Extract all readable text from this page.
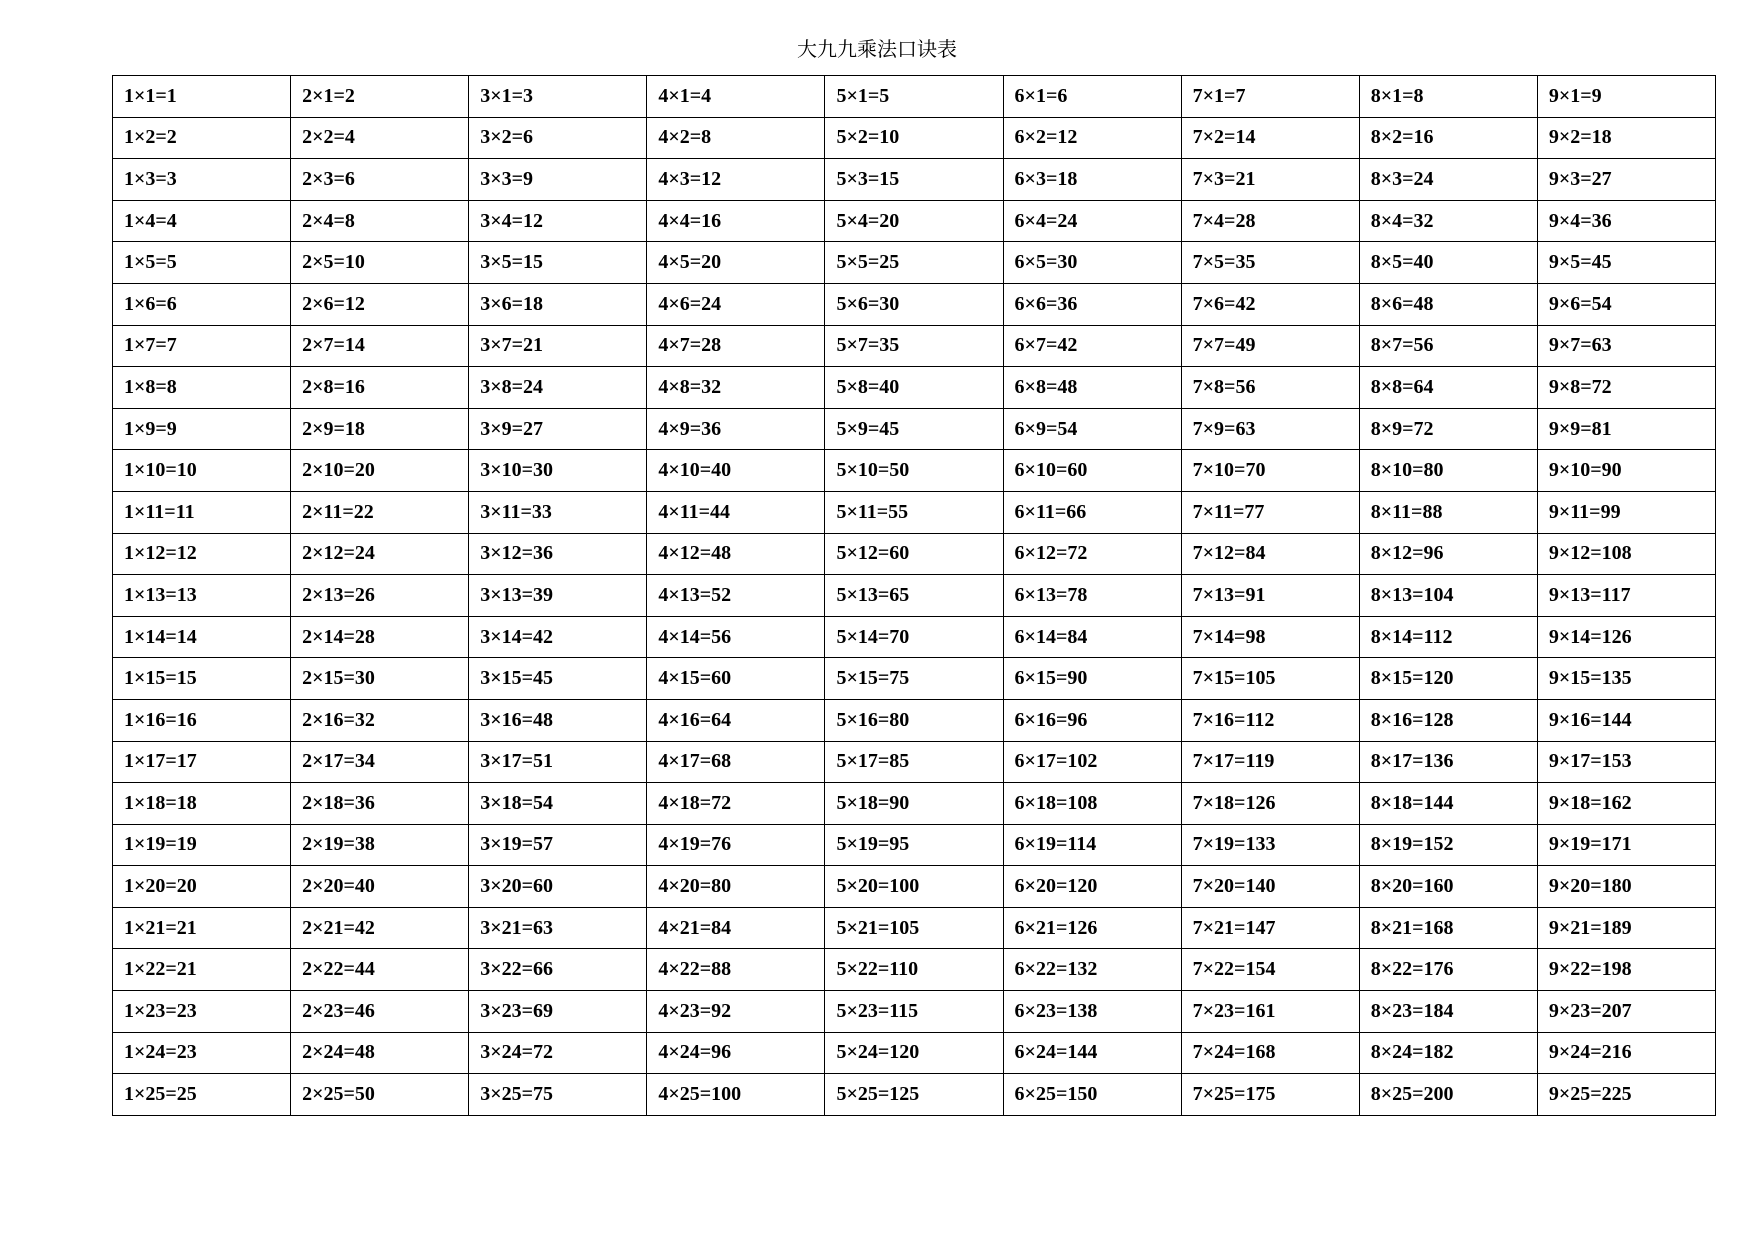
大九九乘法口诀表
1×1=1	2×1=2	3×1=3	4×1=4	5×1=5	6×1=6	7×1=7	8×1=8	9×1=9
1×2=2	2×2=4	3×2=6	4×2=8	5×2=10	6×2=12	7×2=14	8×2=16	9×2=18
1×3=3	2×3=6	3×3=9	4×3=12	5×3=15	6×3=18	7×3=21	8×3=24	9×3=27
1×4=4	2×4=8	3×4=12	4×4=16	5×4=20	6×4=24	7×4=28	8×4=32	9×4=36
1×5=5	2×5=10	3×5=15	4×5=20	5×5=25	6×5=30	7×5=35	8×5=40	9×5=45
1×6=6	2×6=12	3×6=18	4×6=24	5×6=30	6×6=36	7×6=42	8×6=48	9×6=54
1×7=7	2×7=14	3×7=21	4×7=28	5×7=35	6×7=42	7×7=49	8×7=56	9×7=63
1×8=8	2×8=16	3×8=24	4×8=32	5×8=40	6×8=48	7×8=56	8×8=64	9×8=72
1×9=9	2×9=18	3×9=27	4×9=36	5×9=45	6×9=54	7×9=63	8×9=72	9×9=81
1×10=10	2×10=20	3×10=30	4×10=40	5×10=50	6×10=60	7×10=70	8×10=80	9×10=90
1×11=11	2×11=22	3×11=33	4×11=44	5×11=55	6×11=66	7×11=77	8×11=88	9×11=99
1×12=12	2×12=24	3×12=36	4×12=48	5×12=60	6×12=72	7×12=84	8×12=96	9×12=108
1×13=13	2×13=26	3×13=39	4×13=52	5×13=65	6×13=78	7×13=91	8×13=104	9×13=117
1×14=14	2×14=28	3×14=42	4×14=56	5×14=70	6×14=84	7×14=98	8×14=112	9×14=126
1×15=15	2×15=30	3×15=45	4×15=60	5×15=75	6×15=90	7×15=105	8×15=120	9×15=135
1×16=16	2×16=32	3×16=48	4×16=64	5×16=80	6×16=96	7×16=112	8×16=128	9×16=144
1×17=17	2×17=34	3×17=51	4×17=68	5×17=85	6×17=102	7×17=119	8×17=136	9×17=153
1×18=18	2×18=36	3×18=54	4×18=72	5×18=90	6×18=108	7×18=126	8×18=144	9×18=162
1×19=19	2×19=38	3×19=57	4×19=76	5×19=95	6×19=114	7×19=133	8×19=152	9×19=171
1×20=20	2×20=40	3×20=60	4×20=80	5×20=100	6×20=120	7×20=140	8×20=160	9×20=180
1×21=21	2×21=42	3×21=63	4×21=84	5×21=105	6×21=126	7×21=147	8×21=168	9×21=189
1×22=21	2×22=44	3×22=66	4×22=88	5×22=110	6×22=132	7×22=154	8×22=176	9×22=198
1×23=23	2×23=46	3×23=69	4×23=92	5×23=115	6×23=138	7×23=161	8×23=184	9×23=207
1×24=23	2×24=48	3×24=72	4×24=96	5×24=120	6×24=144	7×24=168	8×24=182	9×24=216
1×25=25	2×25=50	3×25=75	4×25=100	5×25=125	6×25=150	7×25=175	8×25=200	9×25=225
